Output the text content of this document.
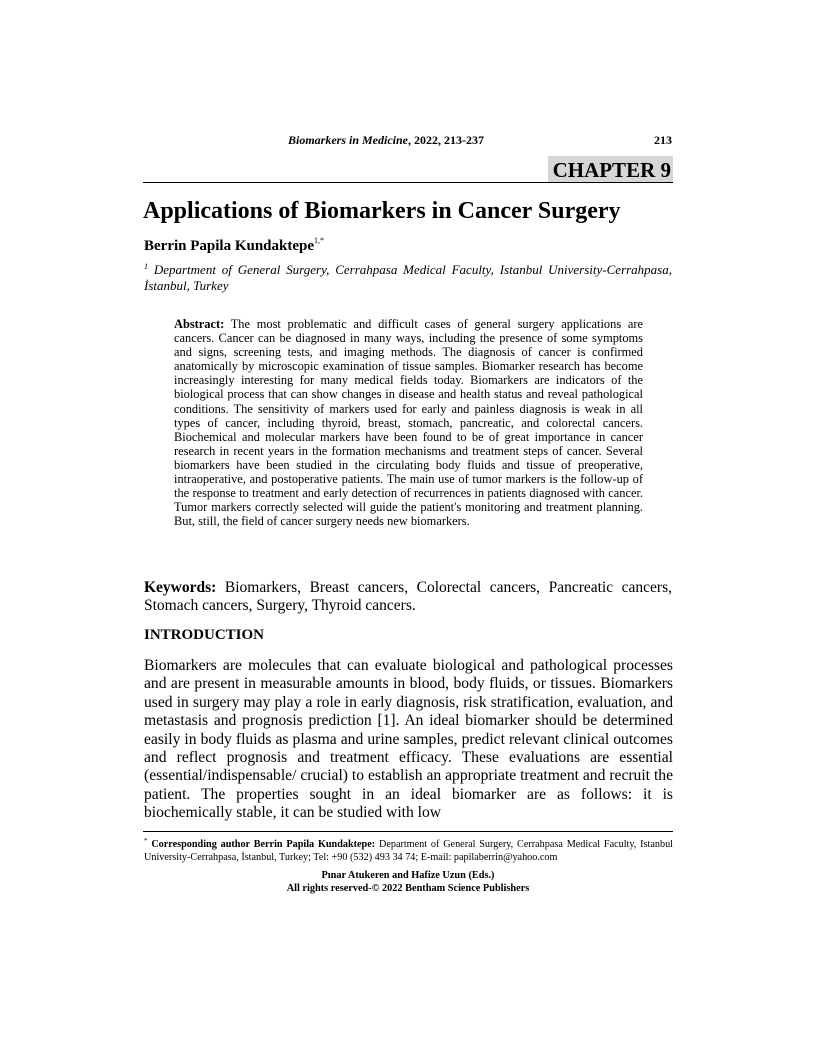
Biomarkers in Medicine, 2022, 213-237	213
CHAPTER 9
Applications of Biomarkers in Cancer Surgery
Berrin Papila Kundaktepe$^{1,*}$
$^1$ Department of General Surgery, Cerrahpasa Medical Faculty, Istanbul University-Cerrahpasa, İstanbul, Turkey
Abstract: The most problematic and difficult cases of general surgery applications are cancers. Cancer can be diagnosed in many ways, including the presence of some symptoms and signs, screening tests, and imaging methods. The diagnosis of cancer is confirmed anatomically by microscopic examination of tissue samples. Biomarker research has become increasingly interesting for many medical fields today. Biomarkers are indicators of the biological process that can show changes in disease and health status and reveal pathological conditions. The sensitivity of markers used for early and painless diagnosis is weak in all types of cancer, including thyroid, breast, stomach, pancreatic, and colorectal cancers. Biochemical and molecular markers have been found to be of great importance in cancer research in recent years in the formation mechanisms and treatment steps of cancer. Several biomarkers have been studied in the circulating body fluids and tissue of preoperative, intraoperative, and postoperative patients. The main use of tumor markers is the follow-up of the response to treatment and early detection of recurrences in patients diagnosed with cancer. Tumor markers correctly selected will guide the patient's monitoring and treatment planning. But, still, the field of cancer surgery needs new biomarkers.
Keywords: Biomarkers, Breast cancers, Colorectal cancers, Pancreatic cancers, Stomach cancers, Surgery, Thyroid cancers.
INTRODUCTION
Biomarkers are molecules that can evaluate biological and pathological processes and are present in measurable amounts in blood, body fluids, or tissues. Biomarkers used in surgery may play a role in early diagnosis, risk stratification, evaluation, and metastasis and prognosis prediction [1]. An ideal biomarker should be determined easily in body fluids as plasma and urine samples, predict relevant clinical outcomes and reflect prognosis and treatment efficacy. These evaluations are essential (essential/indispensable/ crucial) to establish an appropriate treatment and recruit the patient. The properties sought in an ideal biomarker are as follows: it is biochemically stable, it can be studied with low
* Corresponding author Berrin Papila Kundaktepe: Department of General Surgery, Cerrahpasa Medical Faculty, Istanbul University-Cerrahpasa, İstanbul, Turkey; Tel: +90 (532) 493 34 74; E-mail: papilaberrin@yahoo.com
Pınar Atukeren and Hafize Uzun (Eds.)
All rights reserved-© 2022 Bentham Science Publishers
